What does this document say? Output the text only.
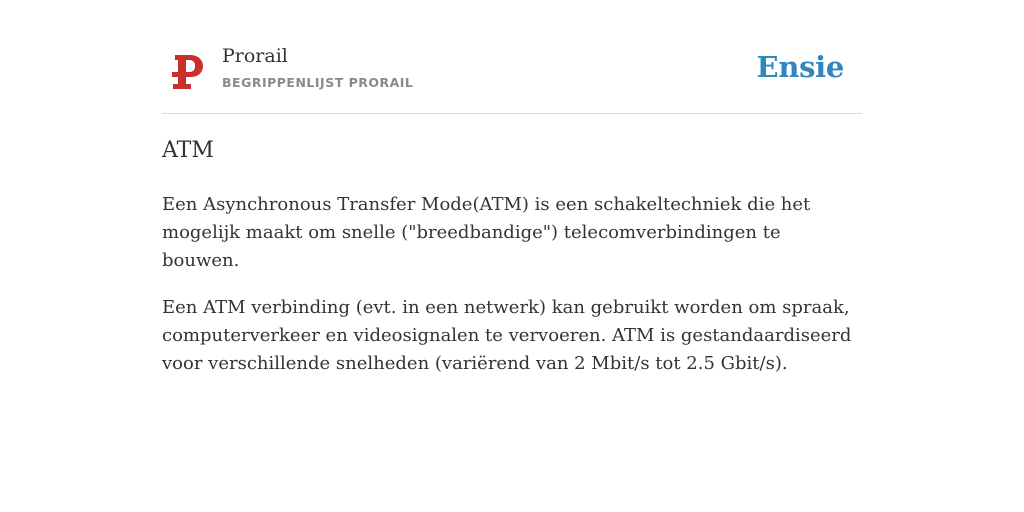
Prorail
BEGRIPPENLIJST PRORAIL	Ensie
ATM

Een Asynchronous Transfer Mode(ATM) is een schakeltechniek die het mogelijk maakt om snelle ("breedbandige") telecomverbindingen te bouwen.

Een ATM verbinding (evt. in een netwerk) kan gebruikt worden om spraak, computerverkeer en videosignalen te vervoeren. ATM is gestandaardiseerd voor verschillende snelheden (variërend van 2 Mbit/s tot 2.5 Gbit/s).
